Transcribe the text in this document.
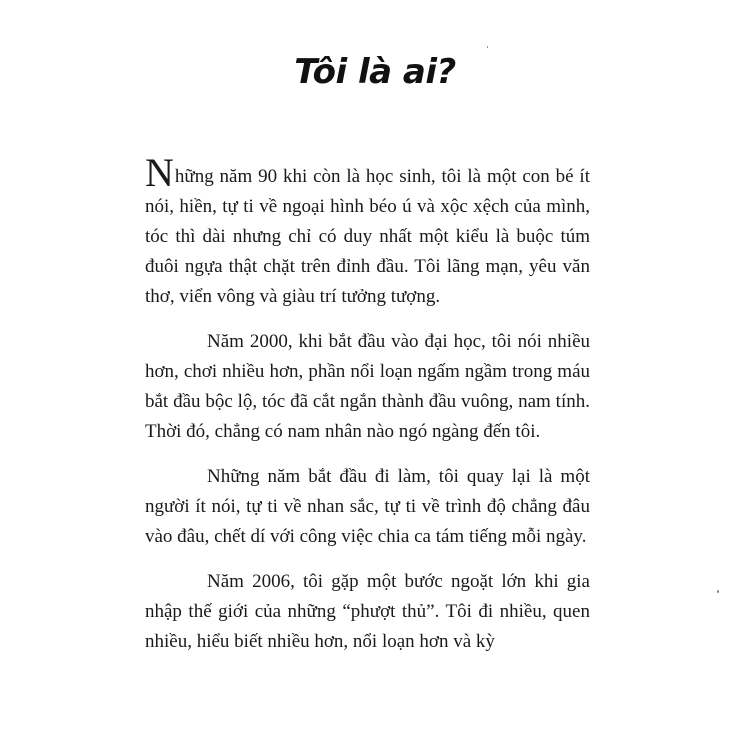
Tôi là ai?

Những năm 90 khi còn là học sinh, tôi là một con bé ít nói, hiền, tự ti về ngoại hình béo ú và xộc xệch của mình, tóc thì dài nhưng chỉ có duy nhất một kiểu là buộc túm đuôi ngựa thật chặt trên đỉnh đầu. Tôi lãng mạn, yêu văn thơ, viển vông và giàu trí tưởng tượng.

Năm 2000, khi bắt đầu vào đại học, tôi nói nhiều hơn, chơi nhiều hơn, phần nổi loạn ngấm ngầm trong máu bắt đầu bộc lộ, tóc đã cắt ngắn thành đầu vuông, nam tính. Thời đó, chẳng có nam nhân nào ngó ngàng đến tôi.

Những năm bắt đầu đi làm, tôi quay lại là một người ít nói, tự ti về nhan sắc, tự ti về trình độ chẳng đâu vào đâu, chết dí với công việc chia ca tám tiếng mỗi ngày.

Năm 2006, tôi gặp một bước ngoặt lớn khi gia nhập thế giới của những “phượt thủ”. Tôi đi nhiều, quen nhiều, hiểu biết nhiều hơn, nổi loạn hơn và kỳ
